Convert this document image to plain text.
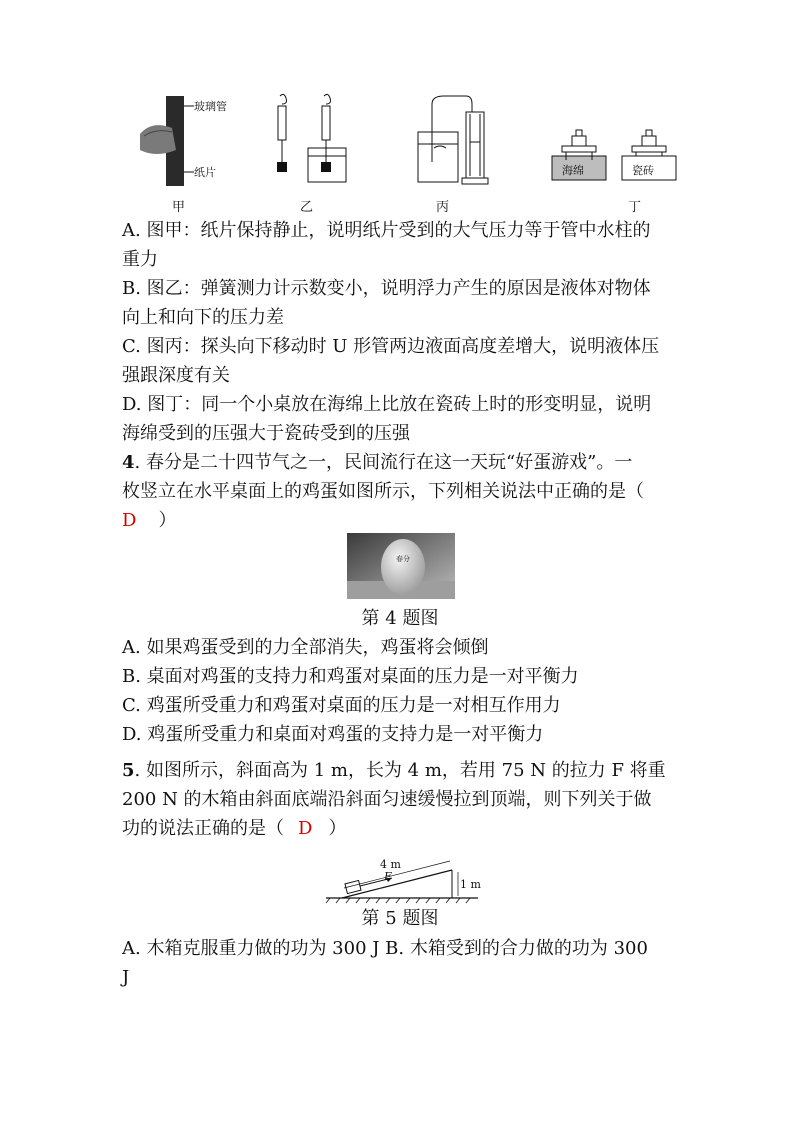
玻璃管
纸片
甲	乙	丙
海绵	瓷砖
丁
A. 图甲：纸片保持静止，说明纸片受到的大气压力等于管中水柱的
重力
B. 图乙：弹簧测力计示数变小，说明浮力产生的原因是液体对物体
向上和向下的压力差
C. 图丙：探头向下移动时 U 形管两边液面高度差增大，说明液体压
强跟深度有关
D. 图丁：同一个小桌放在海绵上比放在瓷砖上时的形变明显，说明
海绵受到的压强大于瓷砖受到的压强
4. 春分是二十四节气之一，民间流行在这一天玩“好蛋游戏”。一
枚竖立在水平桌面上的鸡蛋如图所示，下列相关说法中正确的是（
D ）
春分
第 4 题图
A. 如果鸡蛋受到的力全部消失，鸡蛋将会倾倒
B. 桌面对鸡蛋的支持力和鸡蛋对桌面的压力是一对平衡力
C. 鸡蛋所受重力和鸡蛋对桌面的压力是一对相互作用力
D. 鸡蛋所受重力和桌面对鸡蛋的支持力是一对平衡力
5. 如图所示，斜面高为 1 m，长为 4 m，若用 75 N 的拉力 F 将重
200 N 的木箱由斜面底端沿斜面匀速缓慢拉到顶端，则下列关于做
功的说法正确的是（ D ）
4 m
F
1 m
第 5 题图
A. 木箱克服重力做的功为 300 J B. 木箱受到的合力做的功为 300
J
